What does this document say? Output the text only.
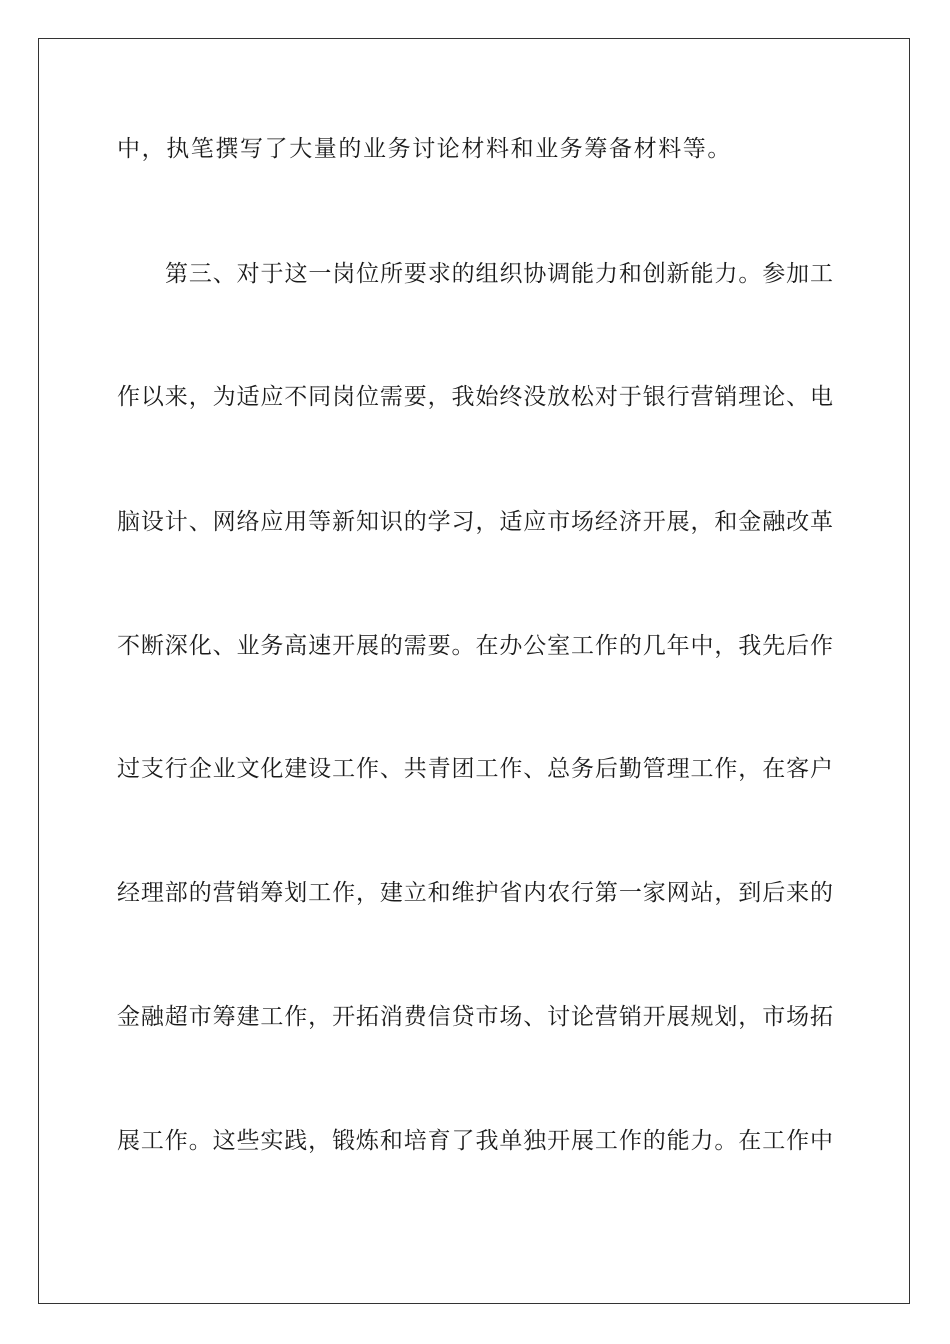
中，执笔撰写了大量的业务讨论材料和业务筹备材料等。
第三、对于这一岗位所要求的组织协调能力和创新能力。参加工
作以来，为适应不同岗位需要，我始终没放松对于银行营销理论、电
脑设计、网络应用等新知识的学习，适应市场经济开展，和金融改革
不断深化、业务高速开展的需要。在办公室工作的几年中，我先后作
过支行企业文化建设工作、共青团工作、总务后勤管理工作，在客户
经理部的营销筹划工作，建立和维护省内农行第一家网站，到后来的
金融超市筹建工作，开拓消费信贷市场、讨论营销开展规划，市场拓
展工作。这些实践，锻炼和培育了我单独开展工作的能力。在工作中
